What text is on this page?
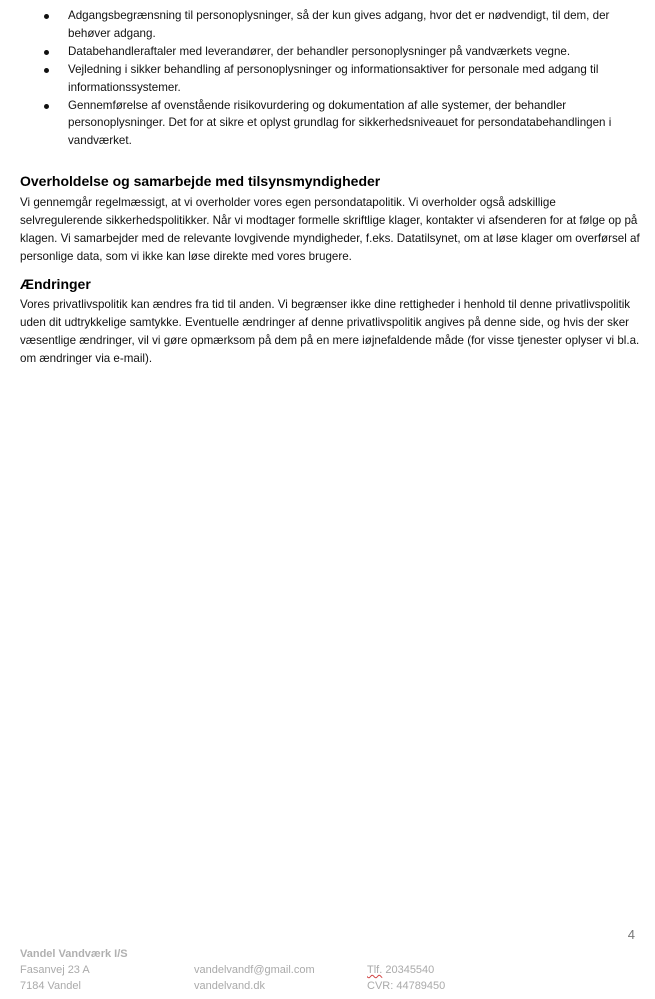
Adgangsbegrænsning til personoplysninger, så der kun gives adgang, hvor det er nødvendigt, til dem, der behøver adgang.
Databehandleraftaler med leverandører, der behandler personoplysninger på vandværkets vegne.
Vejledning i sikker behandling af personoplysninger og informationsaktiver for personale med adgang til informationssystemer.
Gennemførelse af ovenstående risikovurdering og dokumentation af alle systemer, der behandler personoplysninger. Det for at sikre et oplyst grundlag for sikkerhedsniveauet for persondatabehandlingen i vandværket.
Overholdelse og samarbejde med tilsynsmyndigheder
Vi gennemgår regelmæssigt, at vi overholder vores egen persondatapolitik. Vi overholder også adskillige selvregulerende sikkerhedspolitikker. Når vi modtager formelle skriftlige klager, kontakter vi afsenderen for at følge op på klagen. Vi samarbejder med de relevante lovgivende myndigheder, f.eks. Datatilsynet, om at løse klager om overførsel af personlige data, som vi ikke kan løse direkte med vores brugere.
Ændringer
Vores privatlivspolitik kan ændres fra tid til anden. Vi begrænser ikke dine rettigheder i henhold til denne privatlivspolitik uden dit udtrykkelige samtykke. Eventuelle ændringer af denne privatlivspolitik angives på denne side, og hvis der sker væsentlige ændringer, vil vi gøre opmærksom på dem på en mere iøjnefaldende måde (for visse tjenester oplyser vi bl.a. om ændringer via e-mail).
4
Vandel Vandværk I/S
Fasanvej 23 A	vandelvandf@gmail.com	Tlf. 20345540
7184 Vandel	vandelvand.dk	CVR: 44789450
